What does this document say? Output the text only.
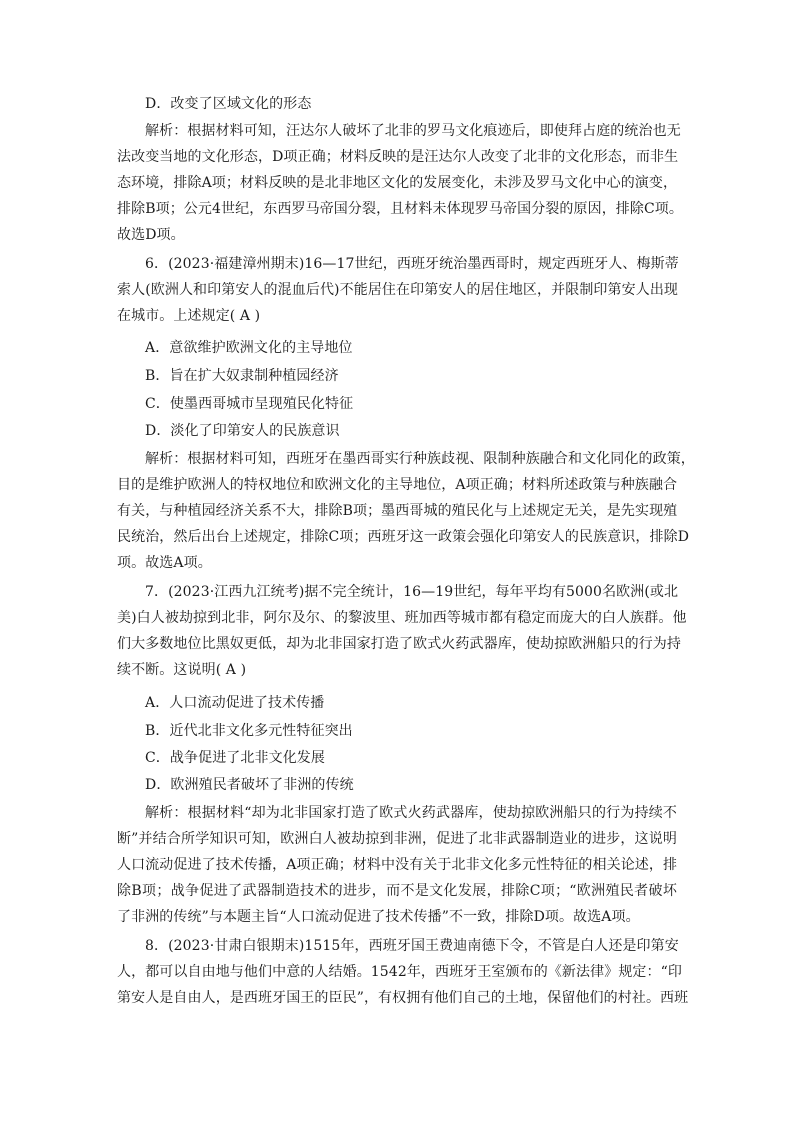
D．改变了区域文化的形态
解析：根据材料可知，汪达尔人破坏了北非的罗马文化痕迹后，即使拜占庭的统治也无
法改变当地的文化形态，D项正确；材料反映的是汪达尔人改变了北非的文化形态，而非生
态环境，排除A项；材料反映的是北非地区文化的发展变化，未涉及罗马文化中心的演变，
排除B项；公元4世纪，东西罗马帝国分裂，且材料未体现罗马帝国分裂的原因，排除C项。
故选D项。
6．(2023·福建漳州期末)16—17世纪，西班牙统治墨西哥时，规定西班牙人、梅斯蒂
索人(欧洲人和印第安人的混血后代)不能居住在印第安人的居住地区，并限制印第安人出现
在城市。上述规定( A )
A．意欲维护欧洲文化的主导地位
B．旨在扩大奴隶制种植园经济
C．使墨西哥城市呈现殖民化特征
D．淡化了印第安人的民族意识
解析：根据材料可知，西班牙在墨西哥实行种族歧视、限制种族融合和文化同化的政策，
目的是维护欧洲人的特权地位和欧洲文化的主导地位，A项正确；材料所述政策与种族融合
有关，与种植园经济关系不大，排除B项；墨西哥城的殖民化与上述规定无关，是先实现殖
民统治，然后出台上述规定，排除C项；西班牙这一政策会强化印第安人的民族意识，排除D
项。故选A项。
7．(2023·江西九江统考)据不完全统计，16—19世纪，每年平均有5000名欧洲(或北
美)白人被劫掠到北非，阿尔及尔、的黎波里、班加西等城市都有稳定而庞大的白人族群。他
们大多数地位比黑奴更低，却为北非国家打造了欧式火药武器库，使劫掠欧洲船只的行为持
续不断。这说明( A )
A．人口流动促进了技术传播
B．近代北非文化多元性特征突出
C．战争促进了北非文化发展
D．欧洲殖民者破坏了非洲的传统
解析：根据材料“却为北非国家打造了欧式火药武器库，使劫掠欧洲船只的行为持续不
断”并结合所学知识可知，欧洲白人被劫掠到非洲，促进了北非武器制造业的进步，这说明
人口流动促进了技术传播，A项正确；材料中没有关于北非文化多元性特征的相关论述，排
除B项；战争促进了武器制造技术的进步，而不是文化发展，排除C项；“欧洲殖民者破坏
了非洲的传统”与本题主旨“人口流动促进了技术传播”不一致，排除D项。故选A项。
8．(2023·甘肃白银期末)1515年，西班牙国王费迪南德下令，不管是白人还是印第安
人，都可以自由地与他们中意的人结婚。1542年，西班牙王室颁布的《新法律》规定：“印
第安人是自由人，是西班牙国王的臣民”，有权拥有他们自己的土地，保留他们的村社。西班
